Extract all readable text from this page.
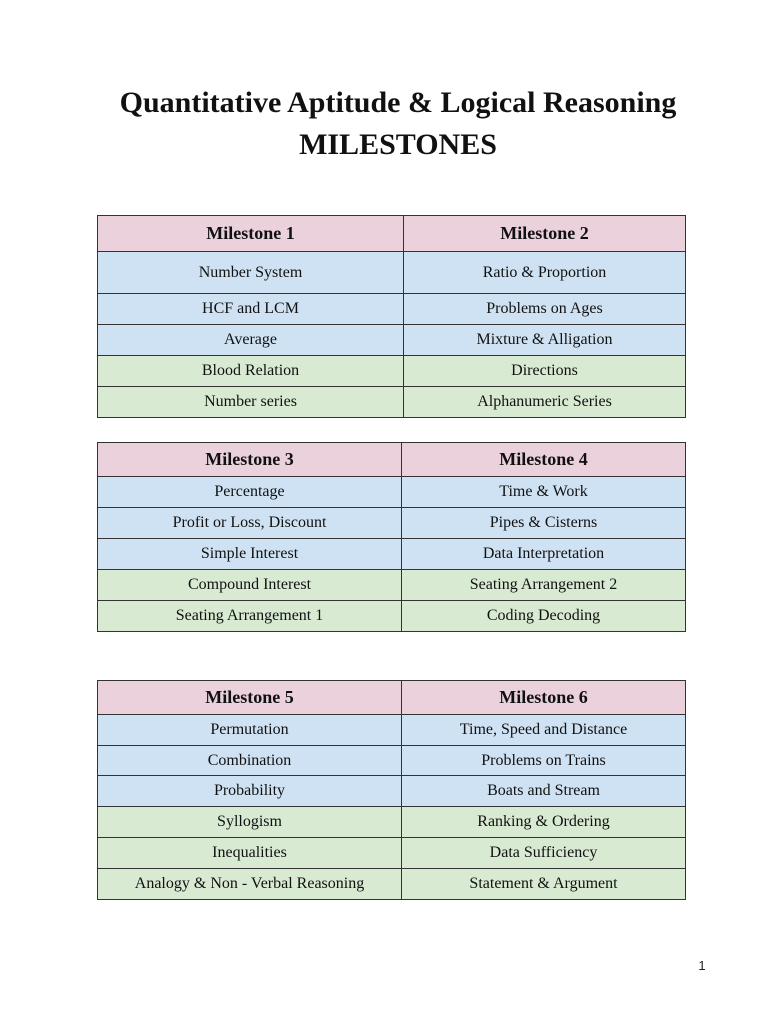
Quantitative Aptitude & Logical Reasoning
MILESTONES
Milestone 1	Milestone 2
Number System	Ratio & Proportion
HCF and LCM	Problems on Ages
Average	Mixture & Alligation
Blood Relation	Directions
Number series	Alphanumeric Series
Milestone 3	Milestone 4
Percentage	Time & Work
Profit or Loss, Discount	Pipes & Cisterns
Simple Interest	Data Interpretation
Compound Interest	Seating Arrangement 2
Seating Arrangement 1	Coding Decoding
Milestone 5	Milestone 6
Permutation	Time, Speed and Distance
Combination	Problems on Trains
Probability	Boats and Stream
Syllogism	Ranking & Ordering
Inequalities	Data Sufficiency
Analogy & Non - Verbal Reasoning	Statement & Argument
1
